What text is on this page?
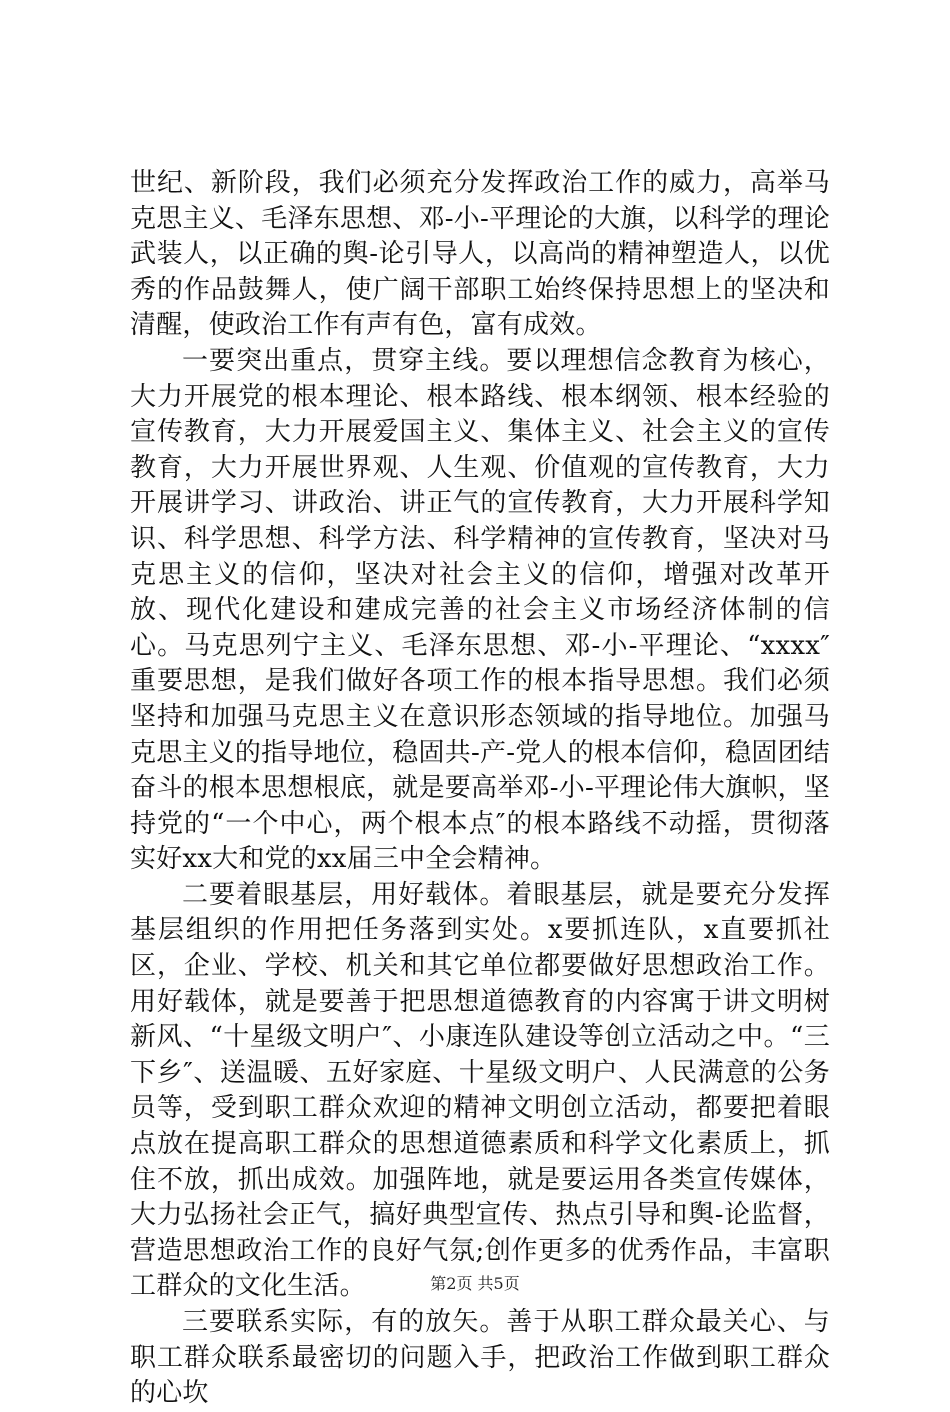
世纪、新阶段，我们必须充分发挥政治工作的威力，高举马克思主义、毛泽东思想、邓-小-平理论的大旗，以科学的理论武装人，以正确的舆-论引导人，以高尚的精神塑造人，以优秀的作品鼓舞人，使广阔干部职工始终保持思想上的坚决和清醒，使政治工作有声有色，富有成效。

一要突出重点，贯穿主线。要以理想信念教育为核心，大力开展党的根本理论、根本路线、根本纲领、根本经验的宣传教育，大力开展爱国主义、集体主义、社会主义的宣传教育，大力开展世界观、人生观、价值观的宣传教育，大力开展讲学习、讲政治、讲正气的宣传教育，大力开展科学知识、科学思想、科学方法、科学精神的宣传教育，坚决对马克思主义的信仰，坚决对社会主义的信仰，增强对改革开放、现代化建设和建成完善的社会主义市场经济体制的信心。马克思列宁主义、毛泽东思想、邓-小-平理论、“xxxx″重要思想，是我们做好各项工作的根本指导思想。我们必须坚持和加强马克思主义在意识形态领域的指导地位。加强马克思主义的指导地位，稳固共-产-党人的根本信仰，稳固团结奋斗的根本思想根底，就是要高举邓-小-平理论伟大旗帜，坚持党的“一个中心，两个根本点″的根本路线不动摇，贯彻落实好xx大和党的xx届三中全会精神。

二要着眼基层，用好载体。着眼基层，就是要充分发挥基层组织的作用把任务落到实处。x要抓连队，x直要抓社区，企业、学校、机关和其它单位都要做好思想政治工作。用好载体，就是要善于把思想道德教育的内容寓于讲文明树新风、“十星级文明户″、小康连队建设等创立活动之中。“三下乡″、送温暖、五好家庭、十星级文明户、人民满意的公务员等，受到职工群众欢迎的精神文明创立活动，都要把着眼点放在提高职工群众的思想道德素质和科学文化素质上，抓住不放，抓出成效。加强阵地，就是要运用各类宣传媒体，大力弘扬社会正气，搞好典型宣传、热点引导和舆-论监督，营造思想政治工作的良好气氛;创作更多的优秀作品，丰富职工群众的文化生活。

三要联系实际，有的放矢。善于从职工群众最关心、与职工群众联系最密切的问题入手，把政治工作做到职工群众的心坎

第2页 共5页
